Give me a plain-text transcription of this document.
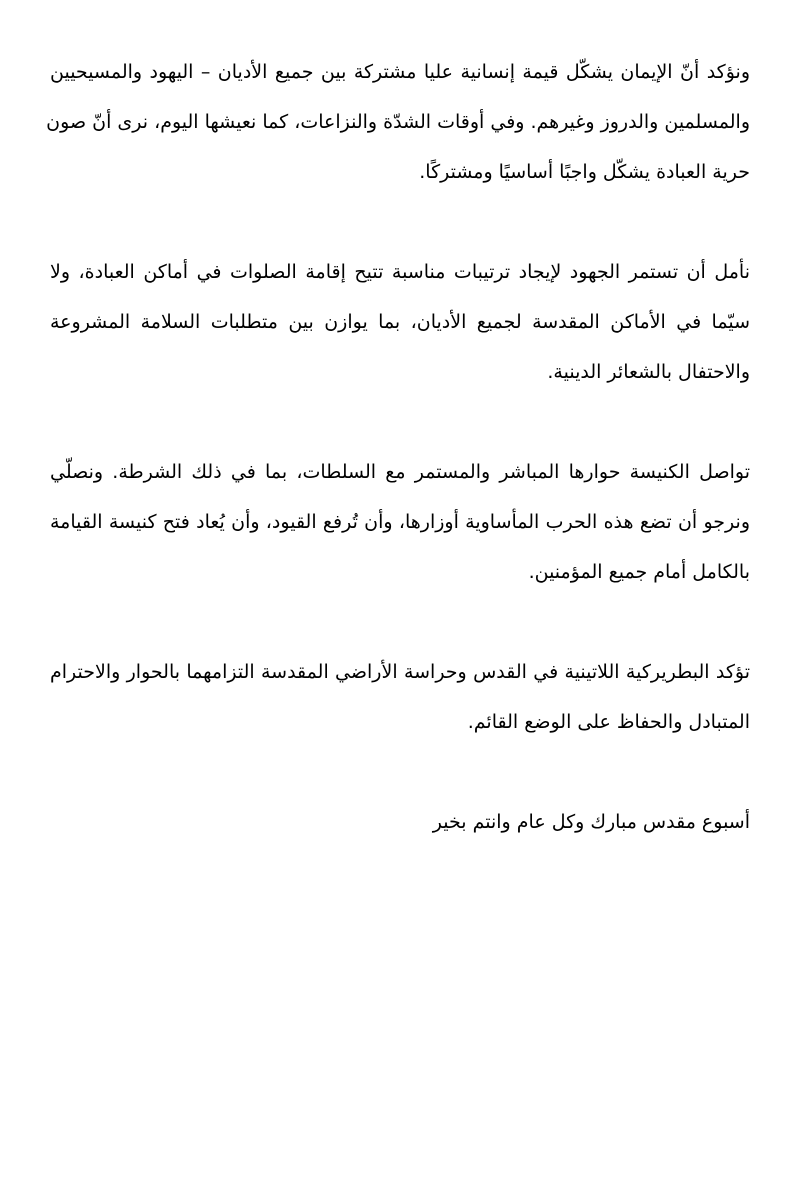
ونؤكد أنّ الإيمان يشكّل قيمة إنسانية عليا مشتركة بين جميع الأديان – اليهود والمسيحيين
والمسلمين والدروز وغيرهم. وفي أوقات الشدّة والنزاعات، كما نعيشها اليوم، نرى أنّ صون
حرية العبادة يشكّل واجبًا أساسيًا ومشتركًا.
نأمل أن تستمر الجهود لإيجاد ترتيبات مناسبة تتيح إقامة الصلوات في أماكن العبادة، ولا
سيّما في الأماكن المقدسة لجميع الأديان، بما يوازن بين متطلبات السلامة المشروعة
والاحتفال بالشعائر الدينية.
تواصل الكنيسة حوارها المباشر والمستمر مع السلطات، بما في ذلك الشرطة. ونصلّي
ونرجو أن تضع هذه الحرب المأساوية أوزارها، وأن تُرفع القيود، وأن يُعاد فتح كنيسة القيامة
بالكامل أمام جميع المؤمنين.
تؤكد البطريركية اللاتينية في القدس وحراسة الأراضي المقدسة التزامهما بالحوار والاحترام
المتبادل والحفاظ على الوضع القائم.
أسبوع مقدس مبارك وكل عام وانتم بخير
